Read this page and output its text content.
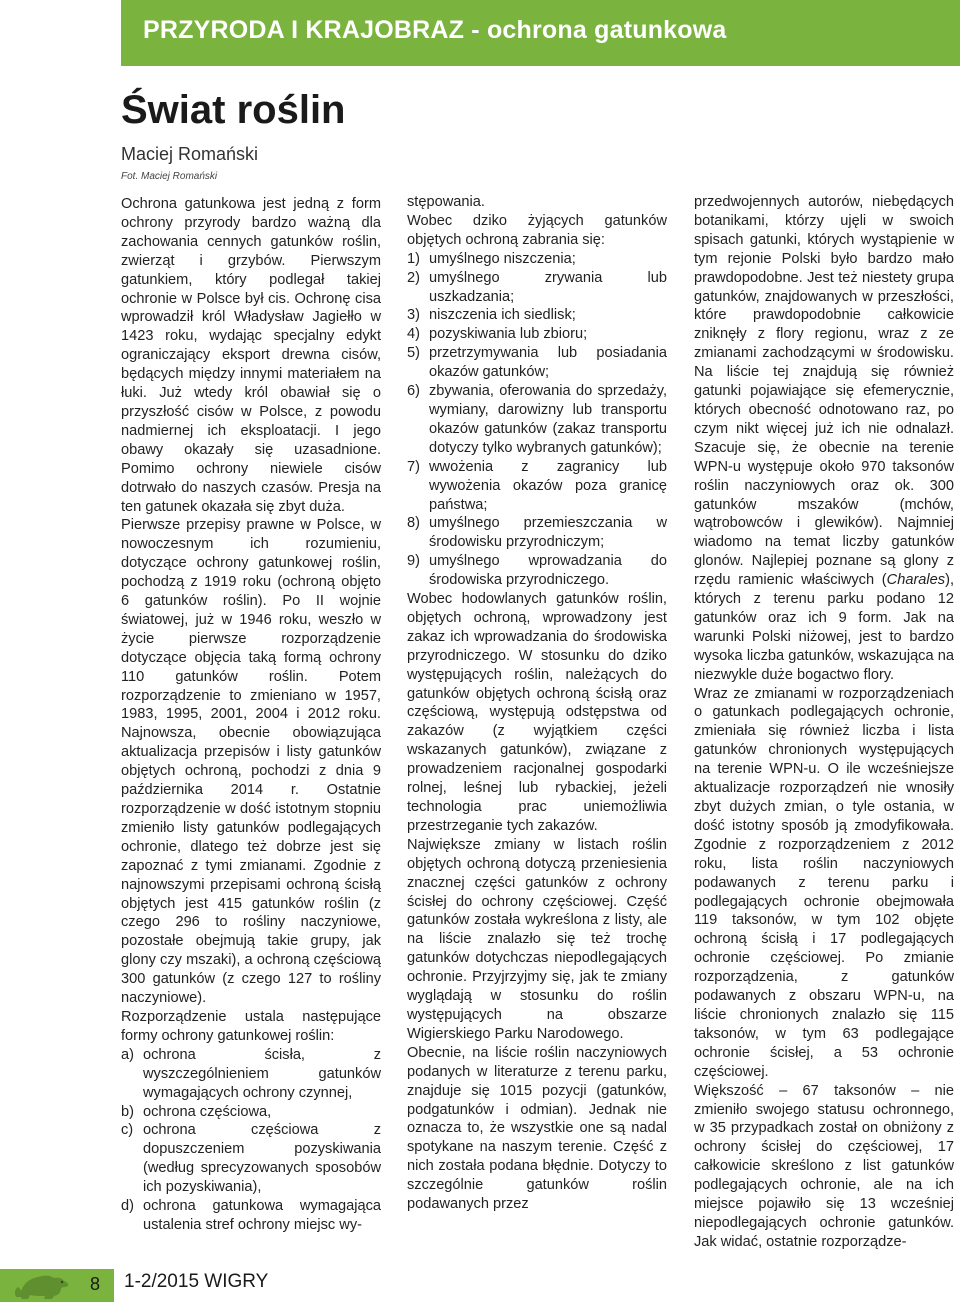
PRZYRODA I KRAJOBRAZ - ochrona gatunkowa
Świat roślin
Maciej Romański
Fot. Maciej Romański

Ochrona gatunkowa jest jedną z form ochrony przyrody bardzo ważną dla zachowania cennych gatunków roślin, zwierząt i grzybów. Pierwszym gatunkiem, który podlegał takiej ochronie w Polsce był cis. Ochronę cisa wprowadził król Władysław Jagiełło w 1423 roku, wydając specjalny edykt ograniczający eksport drewna cisów, będących między innymi materiałem na łuki. Już wtedy król obawiał się o przyszłość cisów w Polsce, z powodu nadmiernej ich eksploatacji. I jego obawy okazały się uzasadnione. Pomimo ochrony niewiele cisów dotrwało do naszych czasów. Presja na ten gatunek okazała się zbyt duża.

Pierwsze przepisy prawne w Polsce, w nowoczesnym ich rozumieniu, dotyczące ochrony gatunkowej roślin, pochodzą z 1919 roku (ochroną objęto 6 gatunków roślin). Po II wojnie światowej, już w 1946 roku, weszło w życie pierwsze rozporządzenie dotyczące objęcia taką formą ochrony 110 gatunków roślin. Potem rozporządzenie to zmieniano w 1957, 1983, 1995, 2001, 2004 i 2012 roku. Najnowsza, obecnie obowiązująca aktualizacja przepisów i listy gatunków objętych ochroną, pochodzi z dnia 9 października 2014 r. Ostatnie rozporządzenie w dość istotnym stopniu zmieniło listy gatunków podlegających ochronie, dlatego też dobrze jest się zapoznać z tymi zmianami. Zgodnie z najnowszymi przepisami ochroną ścisłą objętych jest 415 gatunków roślin (z czego 296 to rośliny naczyniowe, pozostałe obejmują takie grupy, jak glony czy mszaki), a ochroną częściową 300 gatunków (z czego 127 to rośliny naczyniowe).

Rozporządzenie ustala następujące formy ochrony gatunkowej roślin:

a) ochrona ścisła, z wyszczególnieniem gatunków wymagających ochrony czynnej,
b) ochrona częściowa,
c) ochrona częściowa z dopuszczeniem pozyskiwania (według sprecyzowanych sposobów ich pozyskiwania),
d) ochrona gatunkowa wymagająca ustalenia stref ochrony miejsc wy-

stępowania.

Wobec dziko żyjących gatunków objętych ochroną zabrania się:

1) umyślnego niszczenia;
2) umyślnego zrywania lub uszkadzania;
3) niszczenia ich siedlisk;
4) pozyskiwania lub zbioru;
5) przetrzymywania lub posiadania okazów gatunków;
6) zbywania, oferowania do sprzedaży, wymiany, darowizny lub transportu okazów gatunków (zakaz transportu dotyczy tylko wybranych gatunków);
7) wwożenia z zagranicy lub wywożenia okazów poza granicę państwa;
8) umyślnego przemieszczania w środowisku przyrodniczym;
9) umyślnego wprowadzania do środowiska przyrodniczego.

Wobec hodowlanych gatunków roślin, objętych ochroną, wprowadzony jest zakaz ich wprowadzania do środowiska przyrodniczego. W stosunku do dziko występujących roślin, należących do gatunków objętych ochroną ścisłą oraz częściową, występują odstępstwa od zakazów (z wyjątkiem części wskazanych gatunków), związane z prowadzeniem racjonalnej gospodarki rolnej, leśnej lub rybackiej, jeżeli technologia prac uniemożliwia przestrzeganie tych zakazów.

Największe zmiany w listach roślin objętych ochroną dotyczą przeniesienia znacznej części gatunków z ochrony ścisłej do ochrony częściowej. Część gatunków została wykreślona z listy, ale na liście znalazło się też trochę gatunków dotychczas niepodlegających ochronie. Przyjrzyjmy się, jak te zmiany wyglądają w stosunku do roślin występujących na obszarze Wigierskiego Parku Narodowego.

Obecnie, na liście roślin naczyniowych podanych w literaturze z terenu parku, znajduje się 1015 pozycji (gatunków, podgatunków i odmian). Jednak nie oznacza to, że wszystkie one są nadal spotykane na naszym terenie. Część z nich została podana błędnie. Dotyczy to szczególnie gatunków roślin podawanych przez

przedwojennych autorów, niebędących botanikami, którzy ujęli w swoich spisach gatunki, których wystąpienie w tym rejonie Polski było bardzo mało prawdopodobne. Jest też niestety grupa gatunków, znajdowanych w przeszłości, które prawdopodobnie całkowicie zniknęły z flory regionu, wraz z ze zmianami zachodzącymi w środowisku. Na liście tej znajdują się również gatunki pojawiające się efemerycznie, których obecność odnotowano raz, po czym nikt więcej już ich nie odnalazł. Szacuje się, że obecnie na terenie WPN-u występuje około 970 taksonów roślin naczyniowych oraz ok. 300 gatunków mszaków (mchów, wątrobowców i glewików). Najmniej wiadomo na temat liczby gatunków glonów. Najlepiej poznane są glony z rzędu ramienic właściwych (Charales), których z terenu parku podano 12 gatunków oraz ich 9 form. Jak na warunki Polski niżowej, jest to bardzo wysoka liczba gatunków, wskazująca na niezwykle duże bogactwo flory.

Wraz ze zmianami w rozporządzeniach o gatunkach podlegających ochronie, zmieniała się również liczba i lista gatunków chronionych występujących na terenie WPN-u. O ile wcześniejsze aktualizacje rozporządzeń nie wnosiły zbyt dużych zmian, o tyle ostania, w dość istotny sposób ją zmodyfikowała. Zgodnie z rozporządzeniem z 2012 roku, lista roślin naczyniowych podawanych z terenu parku i podlegających ochronie obejmowała 119 taksonów, w tym 102 objęte ochroną ścisłą i 17 podlegających ochronie częściowej. Po zmianie rozporządzenia, z gatunków podawanych z obszaru WPN-u, na liście chronionych znalazło się 115 taksonów, w tym 63 podlegające ochronie ścisłej, a 53 ochronie częściowej.

Większość – 67 taksonów – nie zmieniło swojego statusu ochronnego, w 35 przypadkach został on obniżony z ochrony ścisłej do częściowej, 17 całkowicie skreślono z list gatunków podlegających ochronie, ale na ich miejsce pojawiło się 13 wcześniej niepodlegających ochronie gatunków. Jak widać, ostatnie rozporządze-

8 1-2/2015 WIGRY
